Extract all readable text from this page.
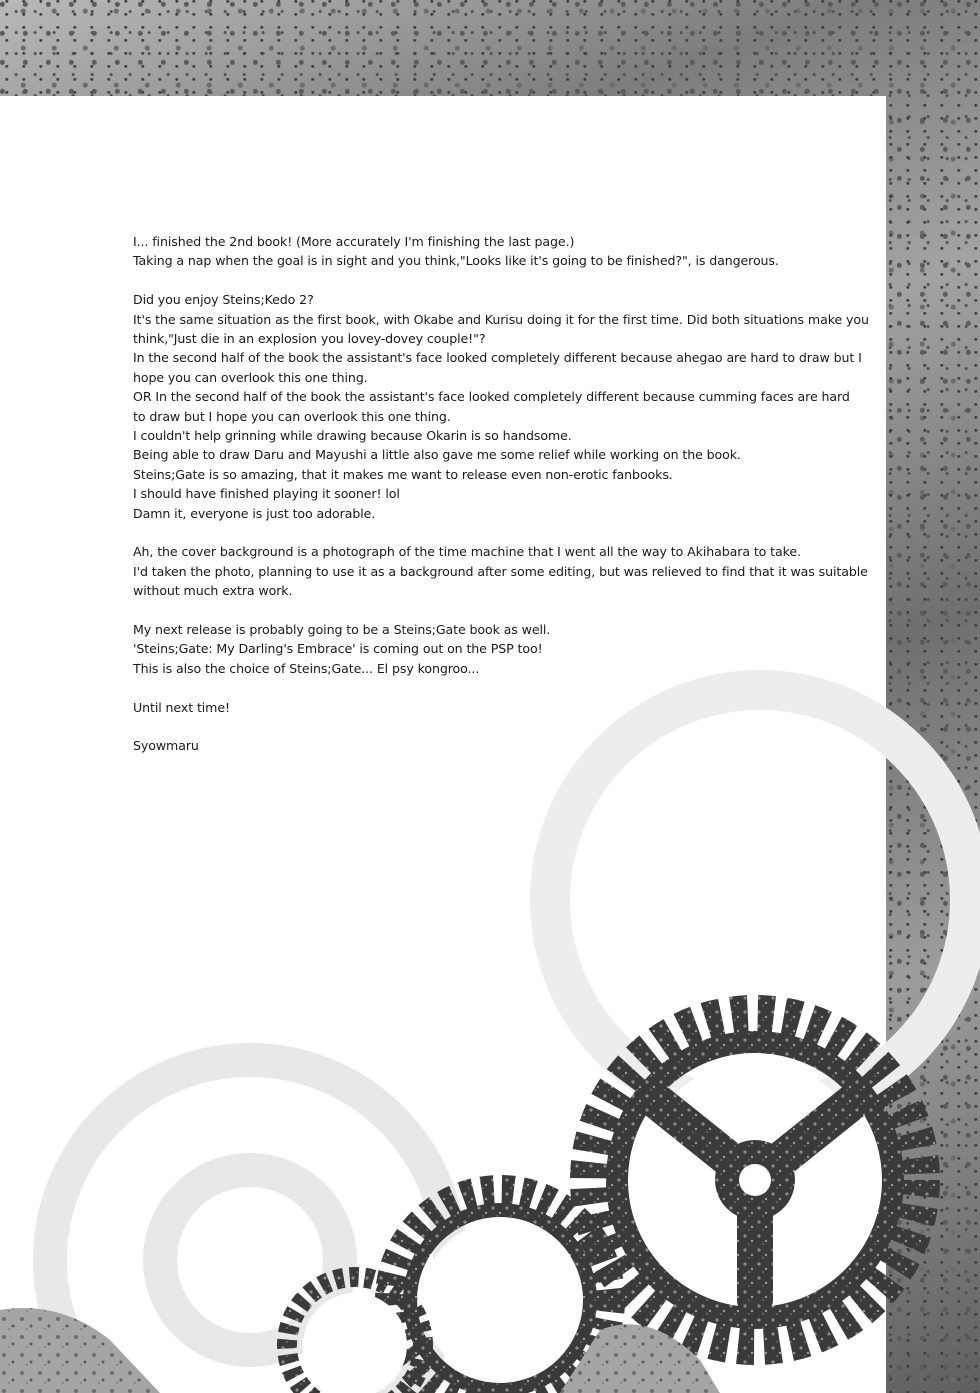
I... finished the 2nd book! (More accurately I'm finishing the last page.)
Taking a nap when the goal is in sight and you think,"Looks like it's going to be finished?", is dangerous.

Did you enjoy Steins;Kedo 2?
It's the same situation as the first book, with Okabe and Kurisu doing it for the first time. Did both situations make you
think,"Just die in an explosion you lovey-dovey couple!"?
In the second half of the book the assistant's face looked completely different because ahegao are hard to draw but I
hope you can overlook this one thing.
OR In the second half of the book the assistant's face looked completely different because cumming faces are hard
to draw but I hope you can overlook this one thing.
I couldn't help grinning while drawing because Okarin is so handsome.
Being able to draw Daru and Mayushi a little also gave me some relief while working on the book.
Steins;Gate is so amazing, that it makes me want to release even non-erotic fanbooks.
I should have finished playing it sooner! lol
Damn it, everyone is just too adorable.

Ah, the cover background is a photograph of the time machine that I went all the way to Akihabara to take.
I'd taken the photo, planning to use it as a background after some editing, but was relieved to find that it was suitable
without much extra work.

My next release is probably going to be a Steins;Gate book as well.
'Steins;Gate: My Darling's Embrace' is coming out on the PSP too!
This is also the choice of Steins;Gate... El psy kongroo...

Until next time!

Syowmaru
